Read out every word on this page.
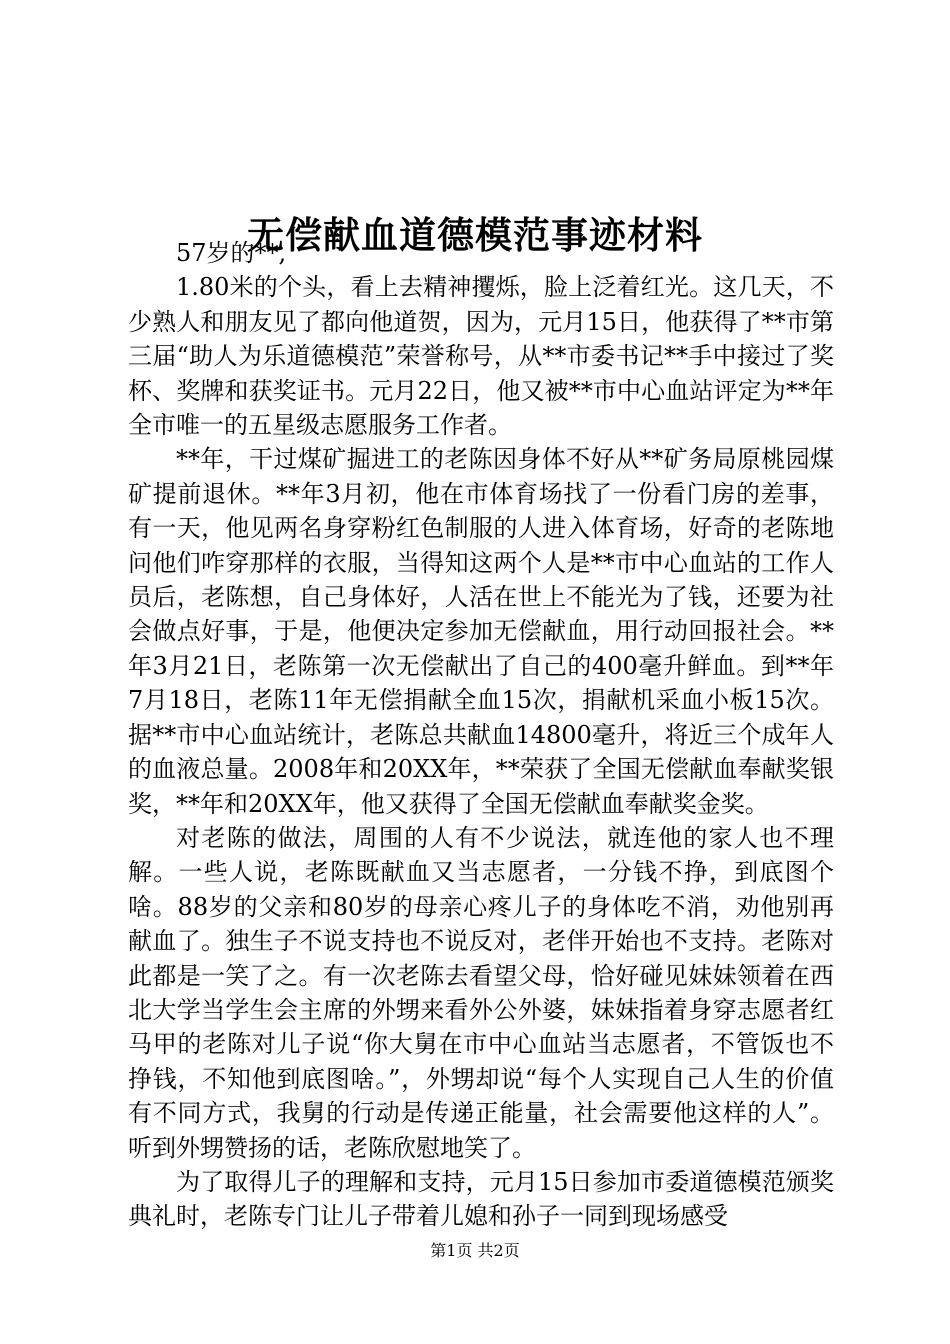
无偿献血道德模范事迹材料

57岁的**,

1.80米的个头，看上去精神攫烁，脸上泛着红光。这几天，不少熟人和朋友见了都向他道贺，因为，元月15日，他获得了**市第三届“助人为乐道德模范”荣誉称号，从**市委书记**手中接过了奖杯、奖牌和获奖证书。元月22日，他又被**市中心血站评定为**年全市唯一的五星级志愿服务工作者。

**年，干过煤矿掘进工的老陈因身体不好从**矿务局原桃园煤矿提前退休。**年3月初，他在市体育场找了一份看门房的差事，有一天，他见两名身穿粉红色制服的人进入体育场，好奇的老陈地问他们咋穿那样的衣服，当得知这两个人是**市中心血站的工作人员后，老陈想，自己身体好，人活在世上不能光为了钱，还要为社会做点好事，于是，他便决定参加无偿献血，用行动回报社会。**年3月21日，老陈第一次无偿献出了自己的400毫升鲜血。到**年7月18日，老陈11年无偿捐献全血15次，捐献机采血小板15次。据**市中心血站统计，老陈总共献血14800毫升，将近三个成年人的血液总量。2008年和20XX年，**荣获了全国无偿献血奉献奖银奖，**年和20XX年，他又获得了全国无偿献血奉献奖金奖。

对老陈的做法，周围的人有不少说法，就连他的家人也不理解。一些人说，老陈既献血又当志愿者，一分钱不挣，到底图个啥。88岁的父亲和80岁的母亲心疼儿子的身体吃不消，劝他别再献血了。独生子不说支持也不说反对，老伴开始也不支持。老陈对此都是一笑了之。有一次老陈去看望父母，恰好碰见妹妹领着在西北大学当学生会主席的外甥来看外公外婆，妹妹指着身穿志愿者红马甲的老陈对儿子说“你大舅在市中心血站当志愿者，不管饭也不挣钱，不知他到底图啥。”，外甥却说“每个人实现自己人生的价值有不同方式，我舅的行动是传递正能量，社会需要他这样的人”。听到外甥赞扬的话，老陈欣慰地笑了。

为了取得儿子的理解和支持，元月15日参加市委道德模范颁奖典礼时，老陈专门让儿子带着儿媳和孙子一同到现场感受

第1页 共2页
